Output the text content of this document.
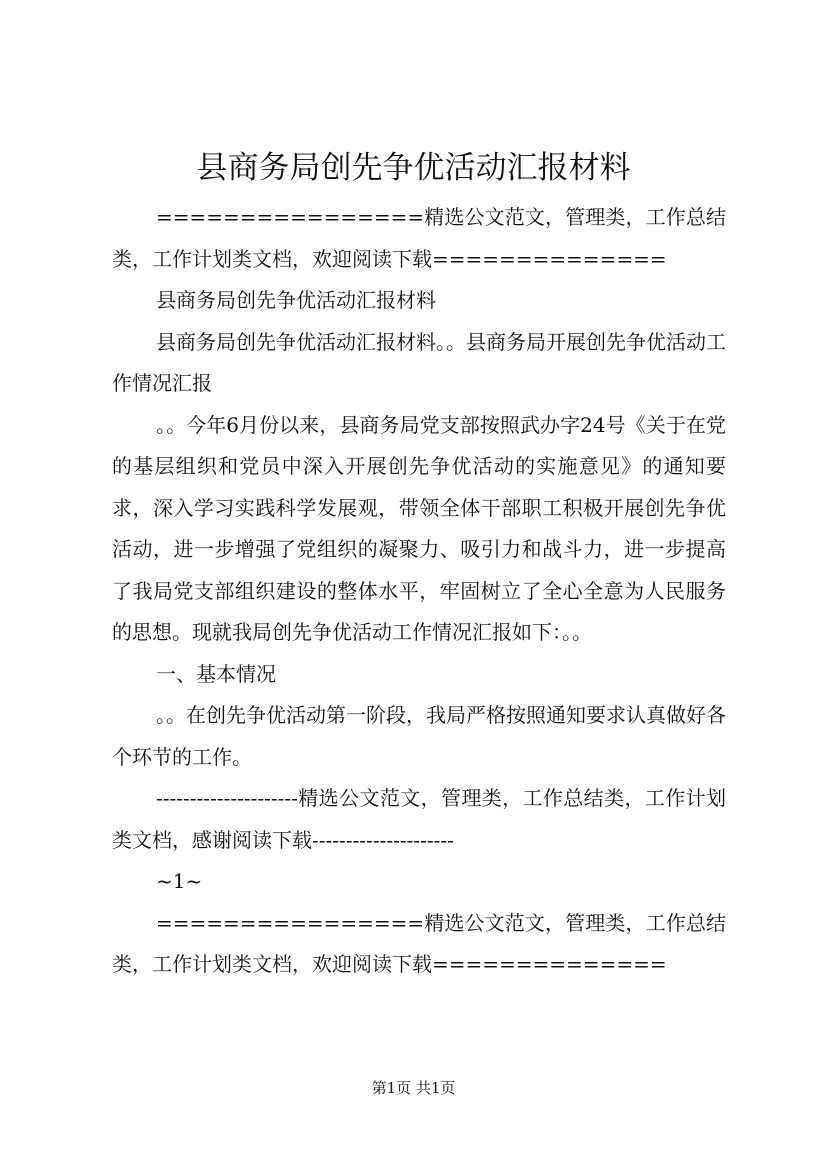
县商务局创先争优活动汇报材料

================精选公文范文，管理类，工作总结类，工作计划类文档，欢迎阅读下载==============

县商务局创先争优活动汇报材料

县商务局创先争优活动汇报材料。。县商务局开展创先争优活动工作情况汇报

。。今年6月份以来，县商务局党支部按照武办字24号《关于在党的基层组织和党员中深入开展创先争优活动的实施意见》的通知要求，深入学习实践科学发展观，带领全体干部职工积极开展创先争优活动，进一步增强了党组织的凝聚力、吸引力和战斗力，进一步提高了我局党支部组织建设的整体水平，牢固树立了全心全意为人民服务的思想。现就我局创先争优活动工作情况汇报如下：。。

一、基本情况

。。在创先争优活动第一阶段，我局严格按照通知要求认真做好各个环节的工作。

---------------------精选公文范文，管理类，工作总结类，工作计划类文档，感谢阅读下载---------------------

~1~

================精选公文范文，管理类，工作总结类，工作计划类文档，欢迎阅读下载==============

第1页 共1页
